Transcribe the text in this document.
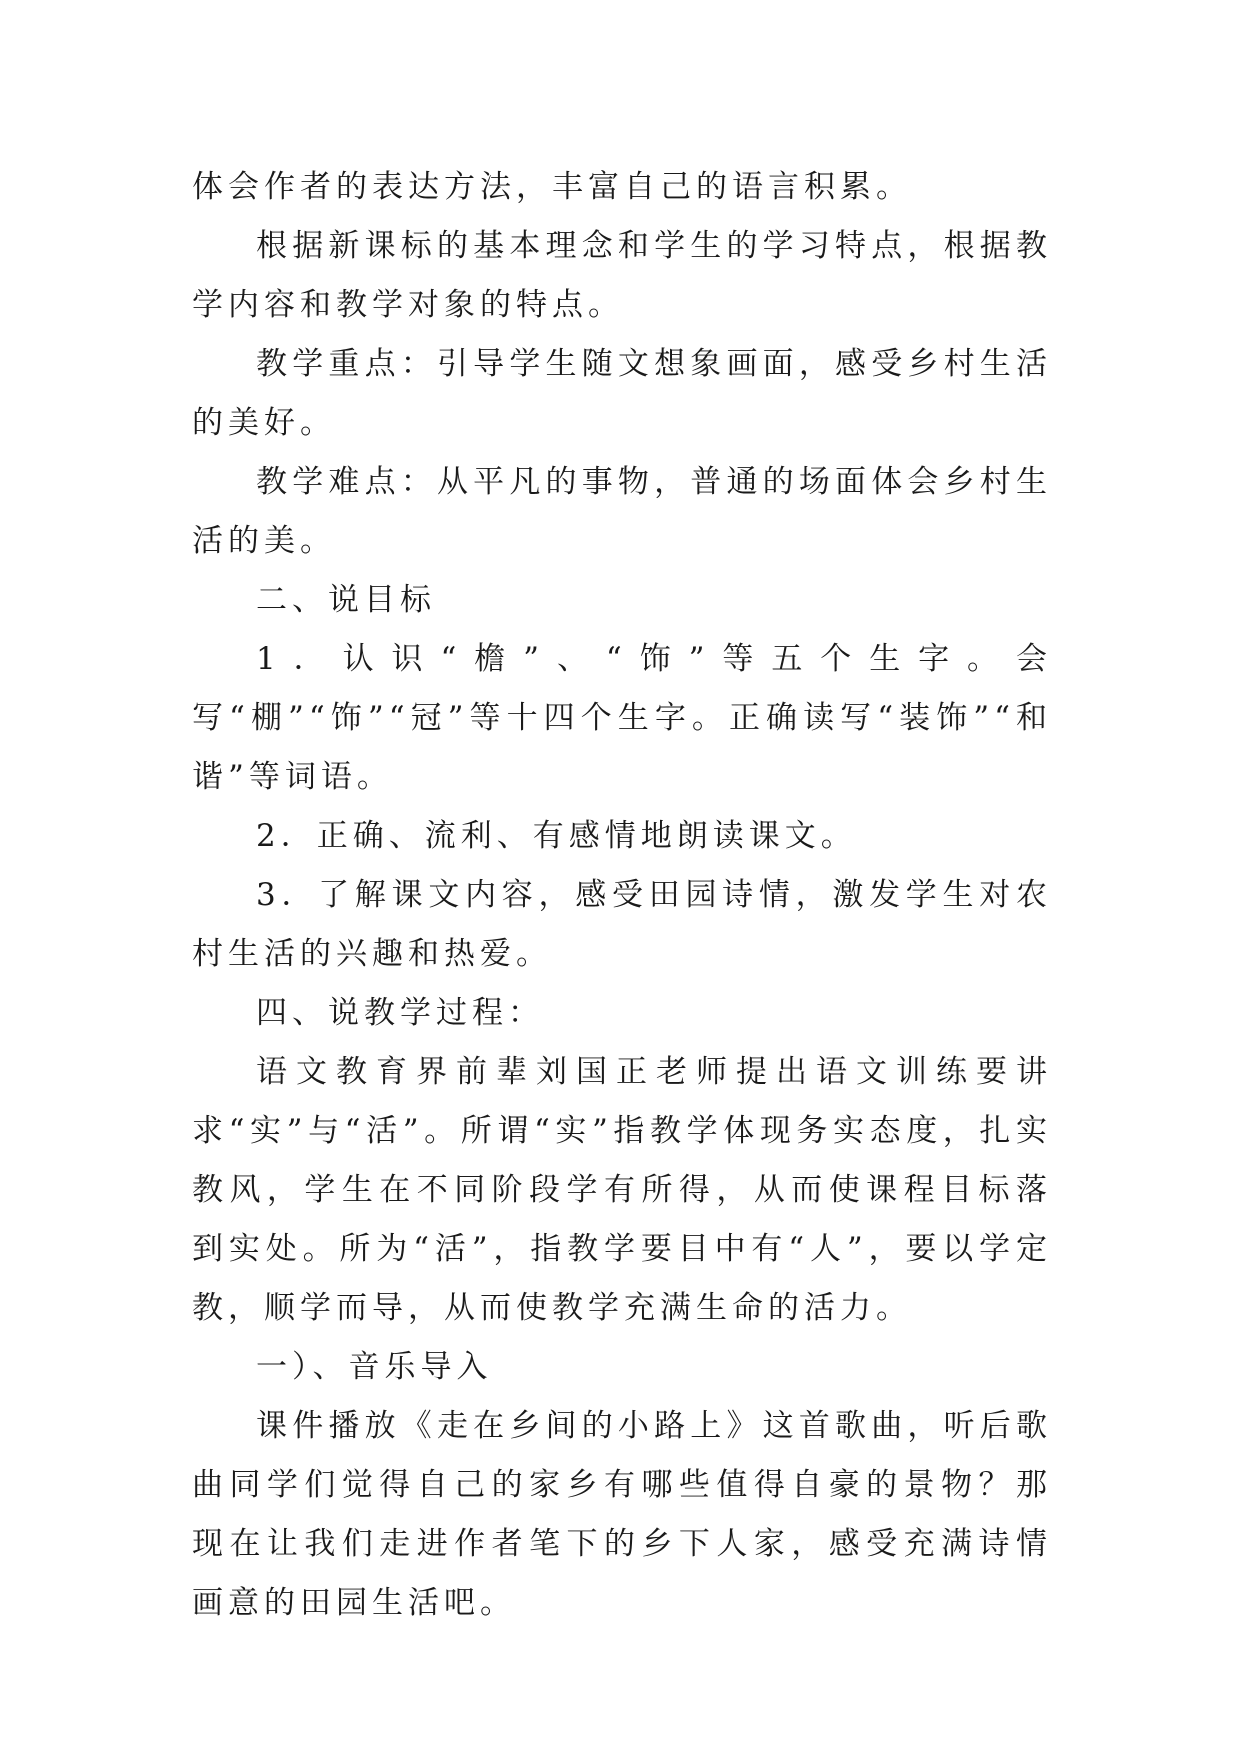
体会作者的表达方法，丰富自己的语言积累。

根据新课标的基本理念和学生的学习特点，根据教学内容和教学对象的特点。

教学重点：引导学生随文想象画面，感受乡村生活的美好。

教学难点：从平凡的事物，普通的场面体会乡村生活的美。

二、说目标

1．认识“檐”、“饰”等五个生字。会写“棚”“饰”“冠”等十四个生字。正确读写“装饰”“和谐”等词语。

2．正确、流利、有感情地朗读课文。

3．了解课文内容，感受田园诗情，激发学生对农村生活的兴趣和热爱。

四、说教学过程：

语文教育界前辈刘国正老师提出语文训练要讲求“实”与“活”。所谓“实”指教学体现务实态度，扎实教风，学生在不同阶段学有所得，从而使课程目标落到实处。所为“活”，指教学要目中有“人”，要以学定教，顺学而导，从而使教学充满生命的活力。

一）、音乐导入

课件播放《走在乡间的小路上》这首歌曲，听后歌曲同学们觉得自己的家乡有哪些值得自豪的景物？那现在让我们走进作者笔下的乡下人家，感受充满诗情画意的田园生活吧。
